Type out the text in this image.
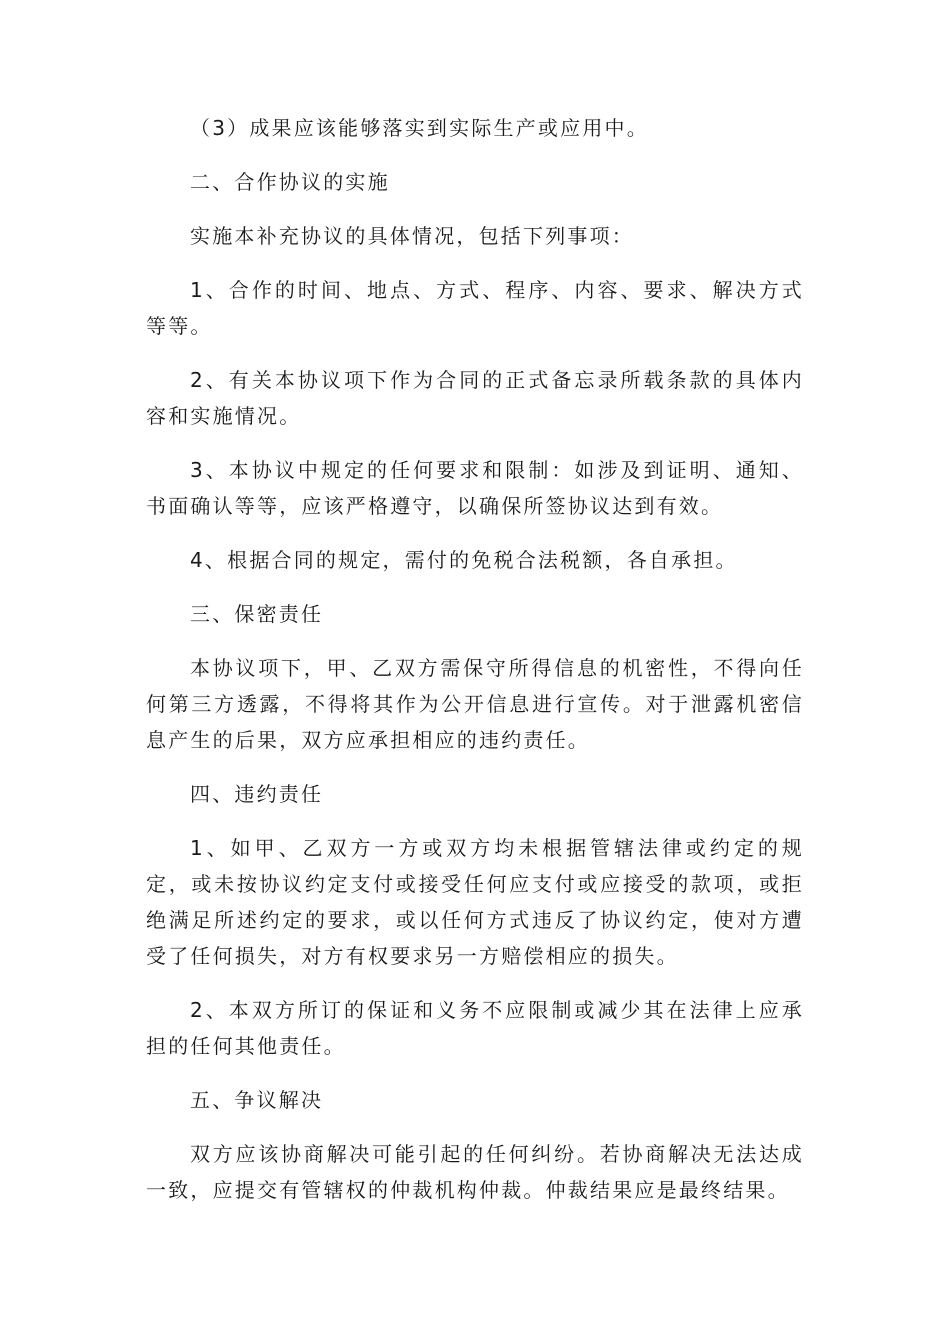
（3）成果应该能够落实到实际生产或应用中。

二、合作协议的实施

实施本补充协议的具体情况，包括下列事项：

1、合作的时间、地点、方式、程序、内容、要求、解决方式等等。

2、有关本协议项下作为合同的正式备忘录所载条款的具体内容和实施情况。

3、本协议中规定的任何要求和限制：如涉及到证明、通知、书面确认等等，应该严格遵守，以确保所签协议达到有效。

4、根据合同的规定，需付的免税合法税额，各自承担。

三、保密责任

本协议项下，甲、乙双方需保守所得信息的机密性，不得向任何第三方透露，不得将其作为公开信息进行宣传。对于泄露机密信息产生的后果，双方应承担相应的违约责任。

四、违约责任

1、如甲、乙双方一方或双方均未根据管辖法律或约定的规定，或未按协议约定支付或接受任何应支付或应接受的款项，或拒绝满足所述约定的要求，或以任何方式违反了协议约定，使对方遭受了任何损失，对方有权要求另一方赔偿相应的损失。

2、本双方所订的保证和义务不应限制或减少其在法律上应承担的任何其他责任。

五、争议解决

双方应该协商解决可能引起的任何纠纷。若协商解决无法达成一致，应提交有管辖权的仲裁机构仲裁。仲裁结果应是最终结果。
